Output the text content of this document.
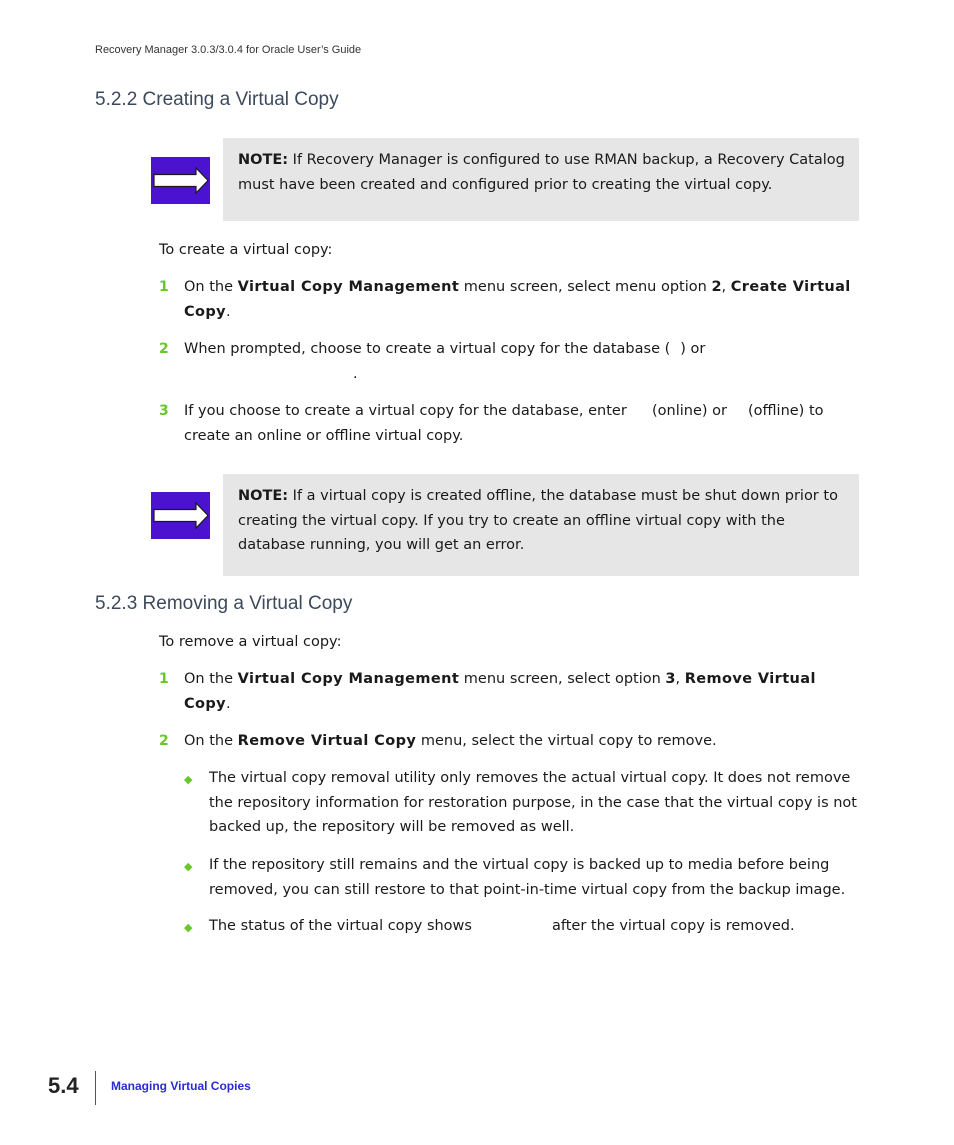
Recovery Manager 3.0.3/3.0.4 for Oracle User’s Guide
5.2.2 Creating a Virtual Copy
NOTE: If Recovery Manager is configured to use RMAN backup, a Recovery Catalog must have been created and configured prior to creating the virtual copy.
To create a virtual copy:
1 On the Virtual Copy Management menu screen, select menu option 2, Create Virtual Copy.
2 When prompted, choose to create a virtual copy for the database ( ) or
.
3 If you choose to create a virtual copy for the database, enter (online) or	(offline) to create an online or offline virtual copy.
NOTE: If a virtual copy is created offline, the database must be shut down prior to creating the virtual copy. If you try to create an offline virtual copy with the database running, you will get an error.
5.2.3 Removing a Virtual Copy
To remove a virtual copy:
1 On the Virtual Copy Management menu screen, select option 3, Remove Virtual Copy.
2 On the Remove Virtual Copy menu, select the virtual copy to remove.
◆ The virtual copy removal utility only removes the actual virtual copy. It does not remove the repository information for restoration purpose, in the case that the virtual copy is not backed up, the repository will be removed as well.
◆ If the repository still remains and the virtual copy is backed up to media before being removed, you can still restore to that point-in-time virtual copy from the backup image.
◆ The status of the virtual copy shows	after the virtual copy is removed.
5.4	Managing Virtual Copies
